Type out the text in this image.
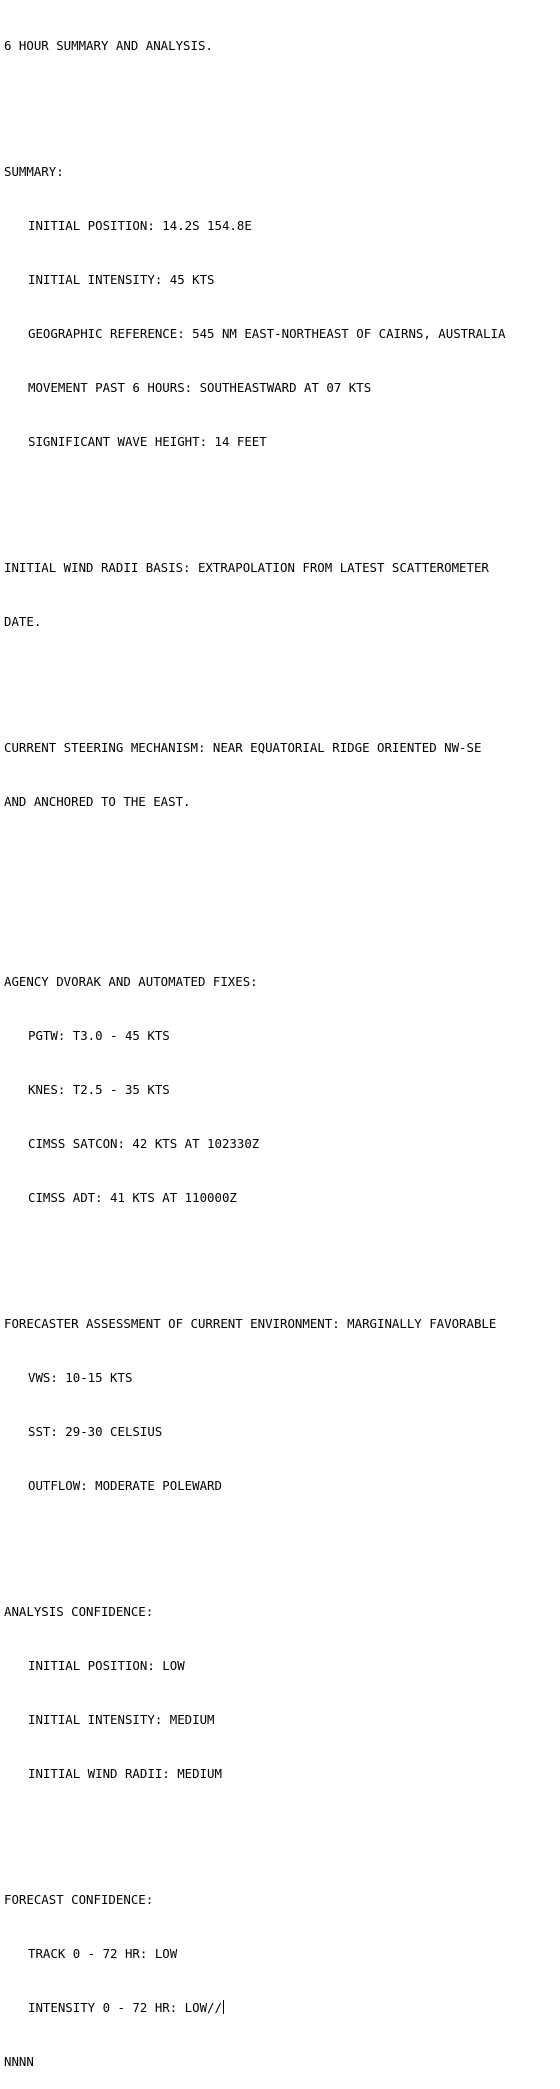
6 HOUR SUMMARY AND ANALYSIS.

SUMMARY:

INITIAL POSITION: 14.2S 154.8E

INITIAL INTENSITY: 45 KTS

GEOGRAPHIC REFERENCE: 545 NM EAST-NORTHEAST OF CAIRNS, AUSTRALIA

MOVEMENT PAST 6 HOURS: SOUTHEASTWARD AT 07 KTS

SIGNIFICANT WAVE HEIGHT: 14 FEET

INITIAL WIND RADII BASIS: EXTRAPOLATION FROM LATEST SCATTEROMETER

DATE.

CURRENT STEERING MECHANISM: NEAR EQUATORIAL RIDGE ORIENTED NW-SE

AND ANCHORED TO THE EAST.

AGENCY DVORAK AND AUTOMATED FIXES:

PGTW: T3.0 - 45 KTS

KNES: T2.5 - 35 KTS

CIMSS SATCON: 42 KTS AT 102330Z

CIMSS ADT: 41 KTS AT 110000Z

FORECASTER ASSESSMENT OF CURRENT ENVIRONMENT: MARGINALLY FAVORABLE

VWS: 10-15 KTS

SST: 29-30 CELSIUS

OUTFLOW: MODERATE POLEWARD

ANALYSIS CONFIDENCE:

INITIAL POSITION: LOW

INITIAL INTENSITY: MEDIUM

INITIAL WIND RADII: MEDIUM

FORECAST CONFIDENCE:

TRACK 0 - 72 HR: LOW

INTENSITY 0 - 72 HR: LOW//

NNNN
